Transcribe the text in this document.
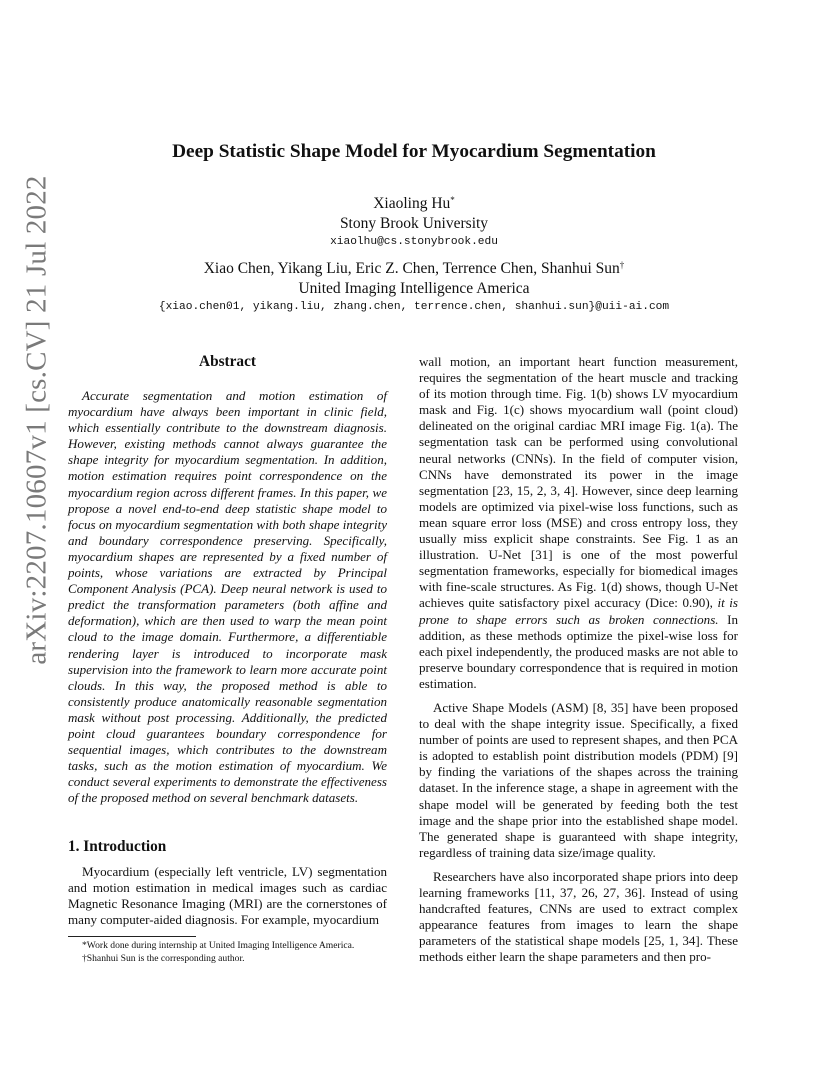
arXiv:2207.10607v1 [cs.CV] 21 Jul 2022
Deep Statistic Shape Model for Myocardium Segmentation
Xiaoling Hu*
Stony Brook University
xiaolhu@cs.stonybrook.edu
Xiao Chen, Yikang Liu, Eric Z. Chen, Terrence Chen, Shanhui Sun†
United Imaging Intelligence America
{xiao.chen01, yikang.liu, zhang.chen, terrence.chen, shanhui.sun}@uii-ai.com
Abstract
Accurate segmentation and motion estimation of myocardium have always been important in clinic field, which essentially contribute to the downstream diagnosis. However, existing methods cannot always guarantee the shape integrity for myocardium segmentation. In addition, motion estimation requires point correspondence on the myocardium region across different frames. In this paper, we propose a novel end-to-end deep statistic shape model to focus on myocardium segmentation with both shape integrity and boundary correspondence preserving. Specifically, myocardium shapes are represented by a fixed number of points, whose variations are extracted by Principal Component Analysis (PCA). Deep neural network is used to predict the transformation parameters (both affine and deformation), which are then used to warp the mean point cloud to the image domain. Furthermore, a differentiable rendering layer is introduced to incorporate mask supervision into the framework to learn more accurate point clouds. In this way, the proposed method is able to consistently produce anatomically reasonable segmentation mask without post processing. Additionally, the predicted point cloud guarantees boundary correspondence for sequential images, which contributes to the downstream tasks, such as the motion estimation of myocardium. We conduct several experiments to demonstrate the effectiveness of the proposed method on several benchmark datasets.
1. Introduction
Myocardium (especially left ventricle, LV) segmentation and motion estimation in medical images such as cardiac Magnetic Resonance Imaging (MRI) are the cornerstones of many computer-aided diagnosis. For example, myocardium
*Work done during internship at United Imaging Intelligence America.
†Shanhui Sun is the corresponding author.

wall motion, an important heart function measurement, requires the segmentation of the heart muscle and tracking of its motion through time. Fig. 1(b) shows LV myocardium mask and Fig. 1(c) shows myocardium wall (point cloud) delineated on the original cardiac MRI image Fig. 1(a). The segmentation task can be performed using convolutional neural networks (CNNs). In the field of computer vision, CNNs have demonstrated its power in the image segmentation [23, 15, 2, 3, 4]. However, since deep learning models are optimized via pixel-wise loss functions, such as mean square error loss (MSE) and cross entropy loss, they usually miss explicit shape constraints. See Fig. 1 as an illustration. U-Net [31] is one of the most powerful segmentation frameworks, especially for biomedical images with fine-scale structures. As Fig. 1(d) shows, though U-Net achieves quite satisfactory pixel accuracy (Dice: 0.90), it is prone to shape errors such as broken connections. In addition, as these methods optimize the pixel-wise loss for each pixel independently, the produced masks are not able to preserve boundary correspondence that is required in motion estimation.

Active Shape Models (ASM) [8, 35] have been proposed to deal with the shape integrity issue. Specifically, a fixed number of points are used to represent shapes, and then PCA is adopted to establish point distribution models (PDM) [9] by finding the variations of the shapes across the training dataset. In the inference stage, a shape in agreement with the shape model will be generated by feeding both the test image and the shape prior into the established shape model. The generated shape is guaranteed with shape integrity, regardless of training data size/image quality.

Researchers have also incorporated shape priors into deep learning frameworks [11, 37, 26, 27, 36]. Instead of using handcrafted features, CNNs are used to extract complex appearance features from images to learn the shape parameters of the statistical shape models [25, 1, 34]. These methods either learn the shape parameters and then pro-
